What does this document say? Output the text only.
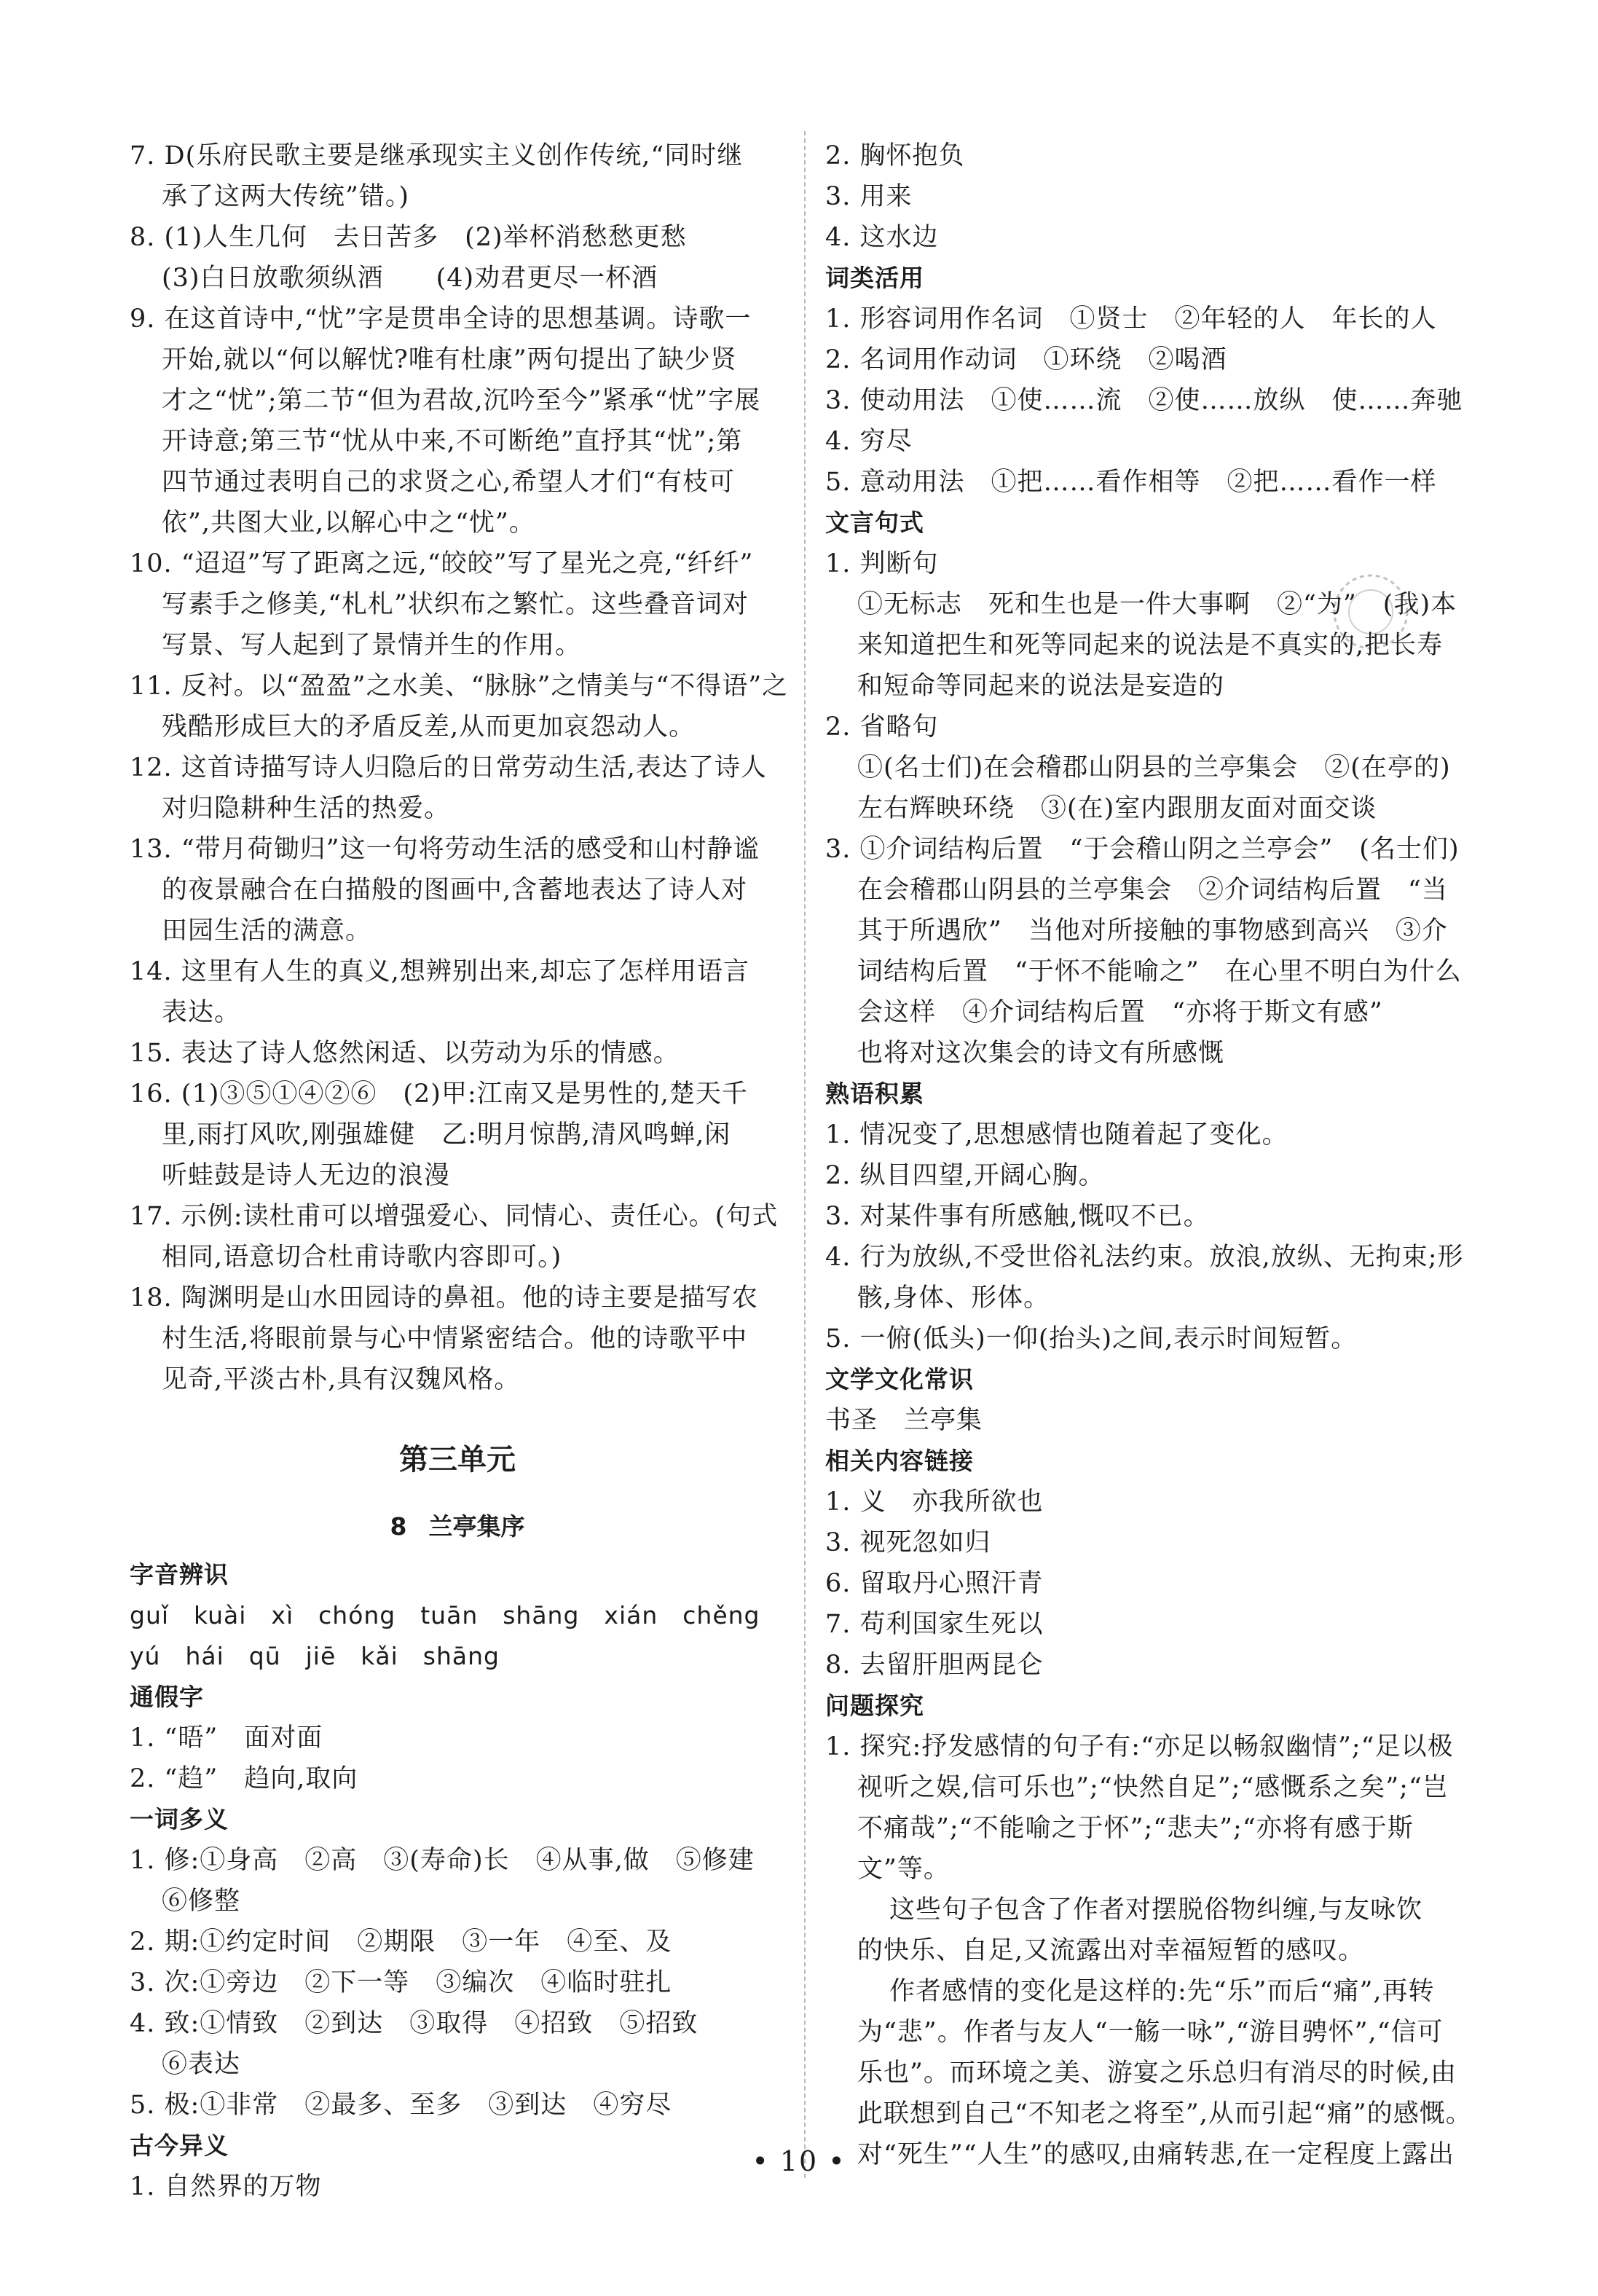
7. D(乐府民歌主要是继承现实主义创作传统,“同时继
承了这两大传统”错。)
8. (1)人生几何　去日苦多　(2)举杯消愁愁更愁
(3)白日放歌须纵酒　　(4)劝君更尽一杯酒
9. 在这首诗中,“忧”字是贯串全诗的思想基调。诗歌一
开始,就以“何以解忧?唯有杜康”两句提出了缺少贤
才之“忧”;第二节“但为君故,沉吟至今”紧承“忧”字展
开诗意;第三节“忧从中来,不可断绝”直抒其“忧”;第
四节通过表明自己的求贤之心,希望人才们“有枝可
依”,共图大业,以解心中之“忧”。
10. “迢迢”写了距离之远,“皎皎”写了星光之亮,“纤纤”
写素手之修美,“札札”状织布之繁忙。这些叠音词对
写景、写人起到了景情并生的作用。
11. 反衬。以“盈盈”之水美、“脉脉”之情美与“不得语”之
残酷形成巨大的矛盾反差,从而更加哀怨动人。
12. 这首诗描写诗人归隐后的日常劳动生活,表达了诗人
对归隐耕种生活的热爱。
13. “带月荷锄归”这一句将劳动生活的感受和山村静谧
的夜景融合在白描般的图画中,含蓄地表达了诗人对
田园生活的满意。
14. 这里有人生的真义,想辨别出来,却忘了怎样用语言
表达。
15. 表达了诗人悠然闲适、以劳动为乐的情感。
16. (1)③⑤①④②⑥　(2)甲:江南又是男性的,楚天千
里,雨打风吹,刚强雄健　乙:明月惊鹊,清风鸣蝉,闲
听蛙鼓是诗人无边的浪漫
17. 示例:读杜甫可以增强爱心、同情心、责任心。(句式
相同,语意切合杜甫诗歌内容即可。)
18. 陶渊明是山水田园诗的鼻祖。他的诗主要是描写农
村生活,将眼前景与心中情紧密结合。他的诗歌平中
见奇,平淡古朴,具有汉魏风格。
第三单元
8 兰亭集序
字音辨识
guǐ　kuài　xì　chóng　tuān　shāng　xián　chěng
yú　hái　qū　jiē　kǎi　shāng
通假字
1. “晤”　面对面
2. “趋”　趋向,取向
一词多义
1. 修:①身高　②高　③(寿命)长　④从事,做　⑤修建
⑥修整
2. 期:①约定时间　②期限　③一年　④至、及
3. 次:①旁边　②下一等　③编次　④临时驻扎
4. 致:①情致　②到达　③取得　④招致　⑤招致
⑥表达
5. 极:①非常　②最多、至多　③到达　④穷尽
古今异义
1. 自然界的万物
2. 胸怀抱负
3. 用来
4. 这水边
词类活用
1. 形容词用作名词　①贤士　②年轻的人　年长的人
2. 名词用作动词　①环绕　②喝酒
3. 使动用法　①使……流　②使……放纵　使……奔驰
4. 穷尽
5. 意动用法　①把……看作相等　②把……看作一样
文言句式
1. 判断句
①无标志　死和生也是一件大事啊　②“为”　(我)本
来知道把生和死等同起来的说法是不真实的,把长寿
和短命等同起来的说法是妄造的
2. 省略句
①(名士们)在会稽郡山阴县的兰亭集会　②(在亭的)
左右辉映环绕　③(在)室内跟朋友面对面交谈
3. ①介词结构后置　“于会稽山阴之兰亭会”　(名士们)
在会稽郡山阴县的兰亭集会　②介词结构后置　“当
其于所遇欣”　当他对所接触的事物感到高兴　③介
词结构后置　“于怀不能喻之”　在心里不明白为什么
会这样　④介词结构后置　“亦将于斯文有感”
也将对这次集会的诗文有所感慨
熟语积累
1. 情况变了,思想感情也随着起了变化。
2. 纵目四望,开阔心胸。
3. 对某件事有所感触,慨叹不已。
4. 行为放纵,不受世俗礼法约束。放浪,放纵、无拘束;形
骸,身体、形体。
5. 一俯(低头)一仰(抬头)之间,表示时间短暂。
文学文化常识
书圣　兰亭集
相关内容链接
1. 义　亦我所欲也
3. 视死忽如归
6. 留取丹心照汗青
7. 苟利国家生死以
8. 去留肝胆两昆仑
问题探究
1. 探究:抒发感情的句子有:“亦足以畅叙幽情”;“足以极
视听之娱,信可乐也”;“快然自足”;“感慨系之矣”;“岂
不痛哉”;“不能喻之于怀”;“悲夫”;“亦将有感于斯
文”等。
这些句子包含了作者对摆脱俗物纠缠,与友咏饮
的快乐、自足,又流露出对幸福短暂的感叹。
作者感情的变化是这样的:先“乐”而后“痛”,再转
为“悲”。作者与友人“一觞一咏”,“游目骋怀”,“信可
乐也”。而环境之美、游宴之乐总归有消尽的时候,由
此联想到自己“不知老之将至”,从而引起“痛”的感慨。
对“死生”“人生”的感叹,由痛转悲,在一定程度上露出
• 10 •
